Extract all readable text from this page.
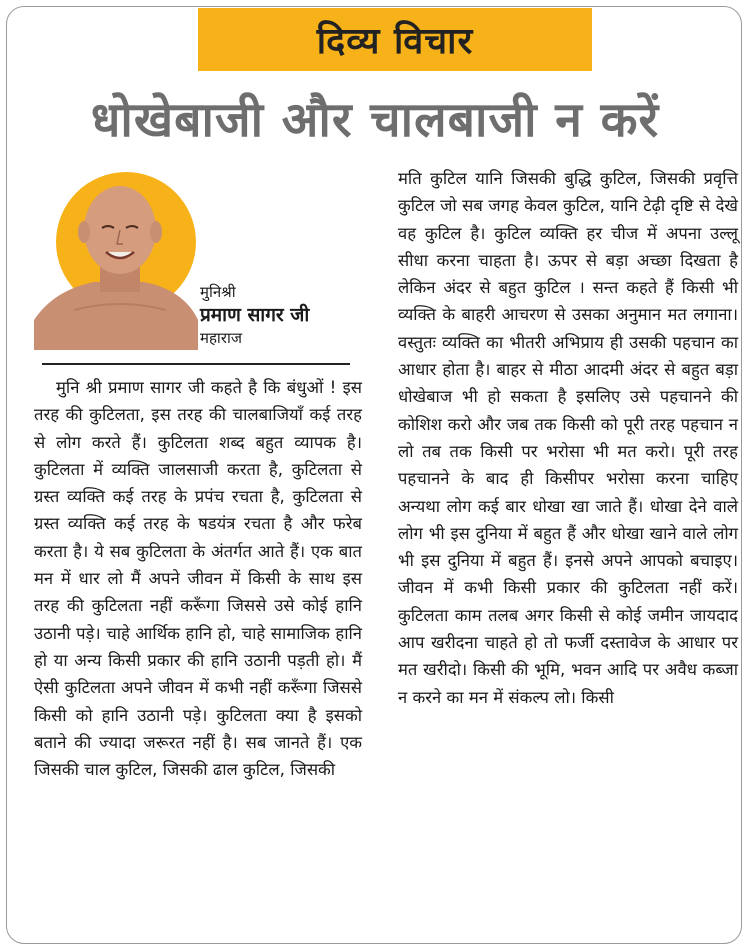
दिव्य विचार
धोखेबाजी और चालबाजी न करें
मुनिश्री
प्रमाण सागर जी
महाराज

मुनि श्री प्रमाण सागर जी कहते है कि बंधुओं ! इस तरह की कुटिलता, इस तरह की चालबाजियाँ कई तरह से लोग करते हैं। कुटिलता शब्द बहुत व्यापक है। कुटिलता में व्यक्ति जालसाजी करता है, कुटिलता से ग्रस्त व्यक्ति कई तरह के प्रपंच रचता है, कुटिलता से ग्रस्त व्यक्ति कई तरह के षडयंत्र रचता है और फरेब करता है। ये सब कुटिलता के अंतर्गत आते हैं। एक बात मन में धार लो मैं अपने जीवन में किसी के साथ इस तरह की कुटिलता नहीं करूँगा जिससे उसे कोई हानि उठानी पड़े। चाहे आर्थिक हानि हो, चाहे सामाजिक हानि हो या अन्य किसी प्रकार की हानि उठानी पड़ती हो। मैं ऐसी कुटिलता अपने जीवन में कभी नहीं करूँगा जिससे किसी को हानि उठानी पड़े। कुटिलता क्या है इसको बताने की ज्यादा जरूरत नहीं है। सब जानते हैं। एक जिसकी चाल कुटिल, जिसकी ढाल कुटिल, जिसकी

मति कुटिल यानि जिसकी बुद्धि कुटिल, जिसकी प्रवृत्ति कुटिल जो सब जगह केवल कुटिल, यानि टेढ़ी दृष्टि से देखे वह कुटिल है। कुटिल व्यक्ति हर चीज में अपना उल्लू सीधा करना चाहता है। ऊपर से बड़ा अच्छा दिखता है लेकिन अंदर से बहुत कुटिल । सन्त कहते हैं किसी भी व्यक्ति के बाहरी आचरण से उसका अनुमान मत लगाना। वस्तुतः व्यक्ति का भीतरी अभिप्राय ही उसकी पहचान का आधार होता है। बाहर से मीठा आदमी अंदर से बहुत बड़ा धोखेबाज भी हो सकता है इसलिए उसे पहचानने की कोशिश करो और जब तक किसी को पूरी तरह पहचान न लो तब तक किसी पर भरोसा भी मत करो। पूरी तरह पहचानने के बाद ही किसीपर भरोसा करना चाहिए अन्यथा लोग कई बार धोखा खा जाते हैं। धोखा देने वाले लोग भी इस दुनिया में बहुत हैं और धोखा खाने वाले लोग भी इस दुनिया में बहुत हैं। इनसे अपने आपको बचाइए। जीवन में कभी किसी प्रकार की कुटिलता नहीं करें। कुटिलता काम तलब अगर किसी से कोई जमीन जायदाद आप खरीदना चाहते हो तो फर्जी दस्तावेज के आधार पर मत खरीदो। किसी की भूमि, भवन आदि पर अवैध कब्जा न करने का मन में संकल्प लो। किसी
